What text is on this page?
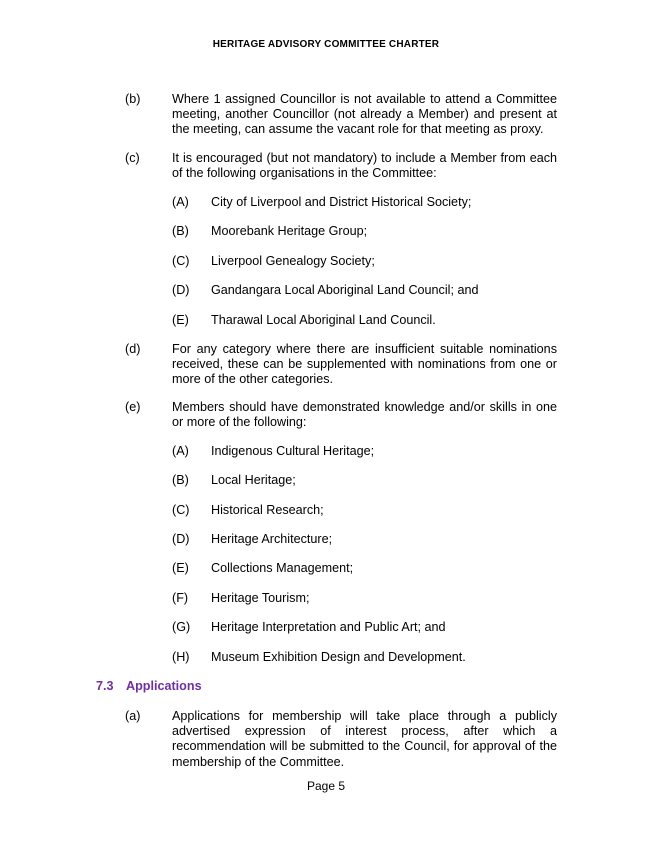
HERITAGE ADVISORY COMMITTEE CHARTER
(b)	Where 1 assigned Councillor is not available to attend a Committee meeting, another Councillor (not already a Member) and present at the meeting, can assume the vacant role for that meeting as proxy.
(c)	It is encouraged (but not mandatory) to include a Member from each of the following organisations in the Committee:
(A) City of Liverpool and District Historical Society;
(B) Moorebank Heritage Group;
(C) Liverpool Genealogy Society;
(D) Gandangara Local Aboriginal Land Council; and
(E) Tharawal Local Aboriginal Land Council.
(d)	For any category where there are insufficient suitable nominations received, these can be supplemented with nominations from one or more of the other categories.
(e)	Members should have demonstrated knowledge and/or skills in one or more of the following:
(A) Indigenous Cultural Heritage;
(B) Local Heritage;
(C) Historical Research;
(D) Heritage Architecture;
(E) Collections Management;
(F) Heritage Tourism;
(G) Heritage Interpretation and Public Art; and
(H) Museum Exhibition Design and Development.
7.3 Applications
(a)	Applications for membership will take place through a publicly advertised expression of interest process, after which a recommendation will be submitted to the Council, for approval of the membership of the Committee.
Page 5
